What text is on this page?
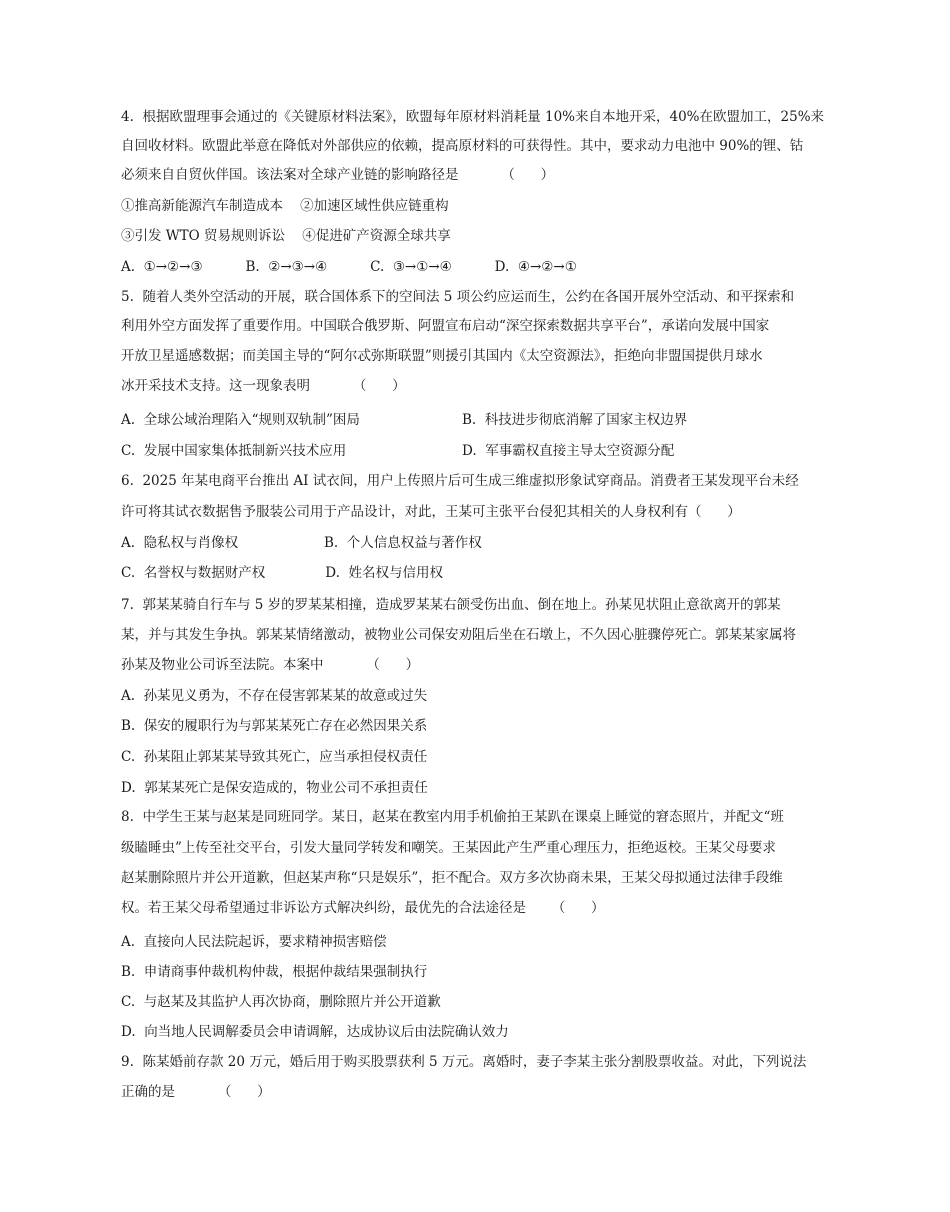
4.  根据欧盟理事会通过的《关键原材料法案》，欧盟每年原材料消耗量 10%来自本地开采，40%在欧盟加工，25%来
自回收材料。欧盟此举意在降低对外部供应的依赖，提高原材料的可获得性。其中，要求动力电池中 90%的锂、钴
必须来自自贸伙伴国。该法案对全球产业链的影响路径是          （      ）
①推高新能源汽车制造成本    ②加速区域性供应链重构
③引发 WTO 贸易规则诉讼    ④促进矿产资源全球共享
A.  ①→②→③          B.  ②→③→④          C.  ③→①→④          D.  ④→②→①
5.  随着人类外空活动的开展，联合国体系下的空间法 5 项公约应运而生，公约在各国开展外空活动、和平探索和
利用外空方面发挥了重要作用。中国联合俄罗斯、阿盟宣布启动“深空探索数据共享平台”，承诺向发展中国家
开放卫星遥感数据；而美国主导的“阿尔忒弥斯联盟”则援引其国内《太空资源法》，拒绝向非盟国提供月球水
冰开采技术支持。这一现象表明          （      ）
A.  全球公域治理陷入“规则双轨制”困局	B.  科技进步彻底消解了国家主权边界
C.  发展中国家集体抵制新兴技术应用	D.  军事霸权直接主导太空资源分配
6.  2025 年某电商平台推出 AI 试衣间，用户上传照片后可生成三维虚拟形象试穿商品。消费者王某发现平台未经
许可将其试衣数据售予服装公司用于产品设计，对此，王某可主张平台侵犯其相关的人身权利有（      ）
A.  隐私权与肖像权                    B.  个人信息权益与著作权
C.  名誉权与数据财产权              D.  姓名权与信用权
7.  郭某某骑自行车与 5 岁的罗某某相撞，造成罗某某右颌受伤出血、倒在地上。孙某见状阻止意欲离开的郭某
某，并与其发生争执。郭某某情绪激动，被物业公司保安劝阻后坐在石墩上，不久因心脏骤停死亡。郭某某家属将
孙某及物业公司诉至法院。本案中          （      ）
A.  孙某见义勇为，不存在侵害郭某某的故意或过失
B.  保安的履职行为与郭某某死亡存在必然因果关系
C.  孙某阻止郭某某导致其死亡，应当承担侵权责任
D.  郭某某死亡是保安造成的，物业公司不承担责任
8.  中学生王某与赵某是同班同学。某日，赵某在教室内用手机偷拍王某趴在课桌上睡觉的窘态照片，并配文“班
级瞌睡虫”上传至社交平台，引发大量同学转发和嘲笑。王某因此产生严重心理压力，拒绝返校。王某父母要求
赵某删除照片并公开道歉，但赵某声称“只是娱乐”，拒不配合。双方多次协商未果，王某父母拟通过法律手段维
权。若王某父母希望通过非诉讼方式解决纠纷，最优先的合法途径是      （      ）
A.  直接向人民法院起诉，要求精神损害赔偿
B.  申请商事仲裁机构仲裁，根据仲裁结果强制执行
C.  与赵某及其监护人再次协商，删除照片并公开道歉
D.  向当地人民调解委员会申请调解，达成协议后由法院确认效力
9.  陈某婚前存款 20 万元，婚后用于购买股票获利 5 万元。离婚时，妻子李某主张分割股票收益。对此，下列说法
正确的是          （      ）
